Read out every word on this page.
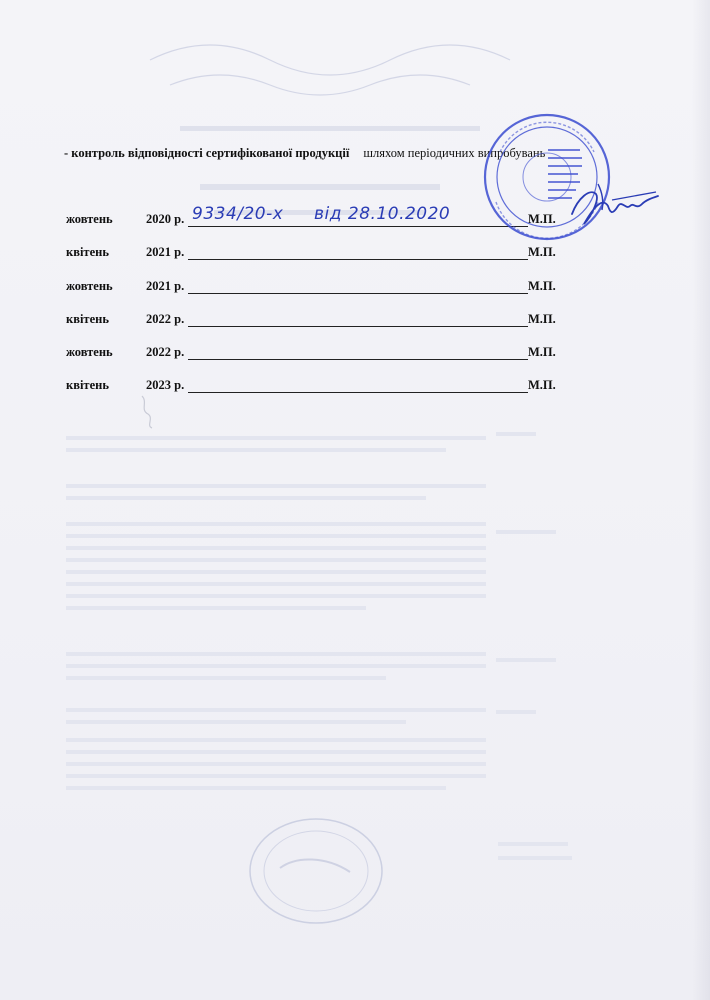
- контроль відповідності сертифікованої продукції шляхом періодичних випробувань
жовтень	2020 р. 9334/20-х від 28.10.2020	М.П.
квітень	2021 р.	М.П.
жовтень	2021 р.	М.П.
квітень	2022 р.	М.П.
жовтень	2022 р.	М.П.
квітень	2023 р.	М.П.
